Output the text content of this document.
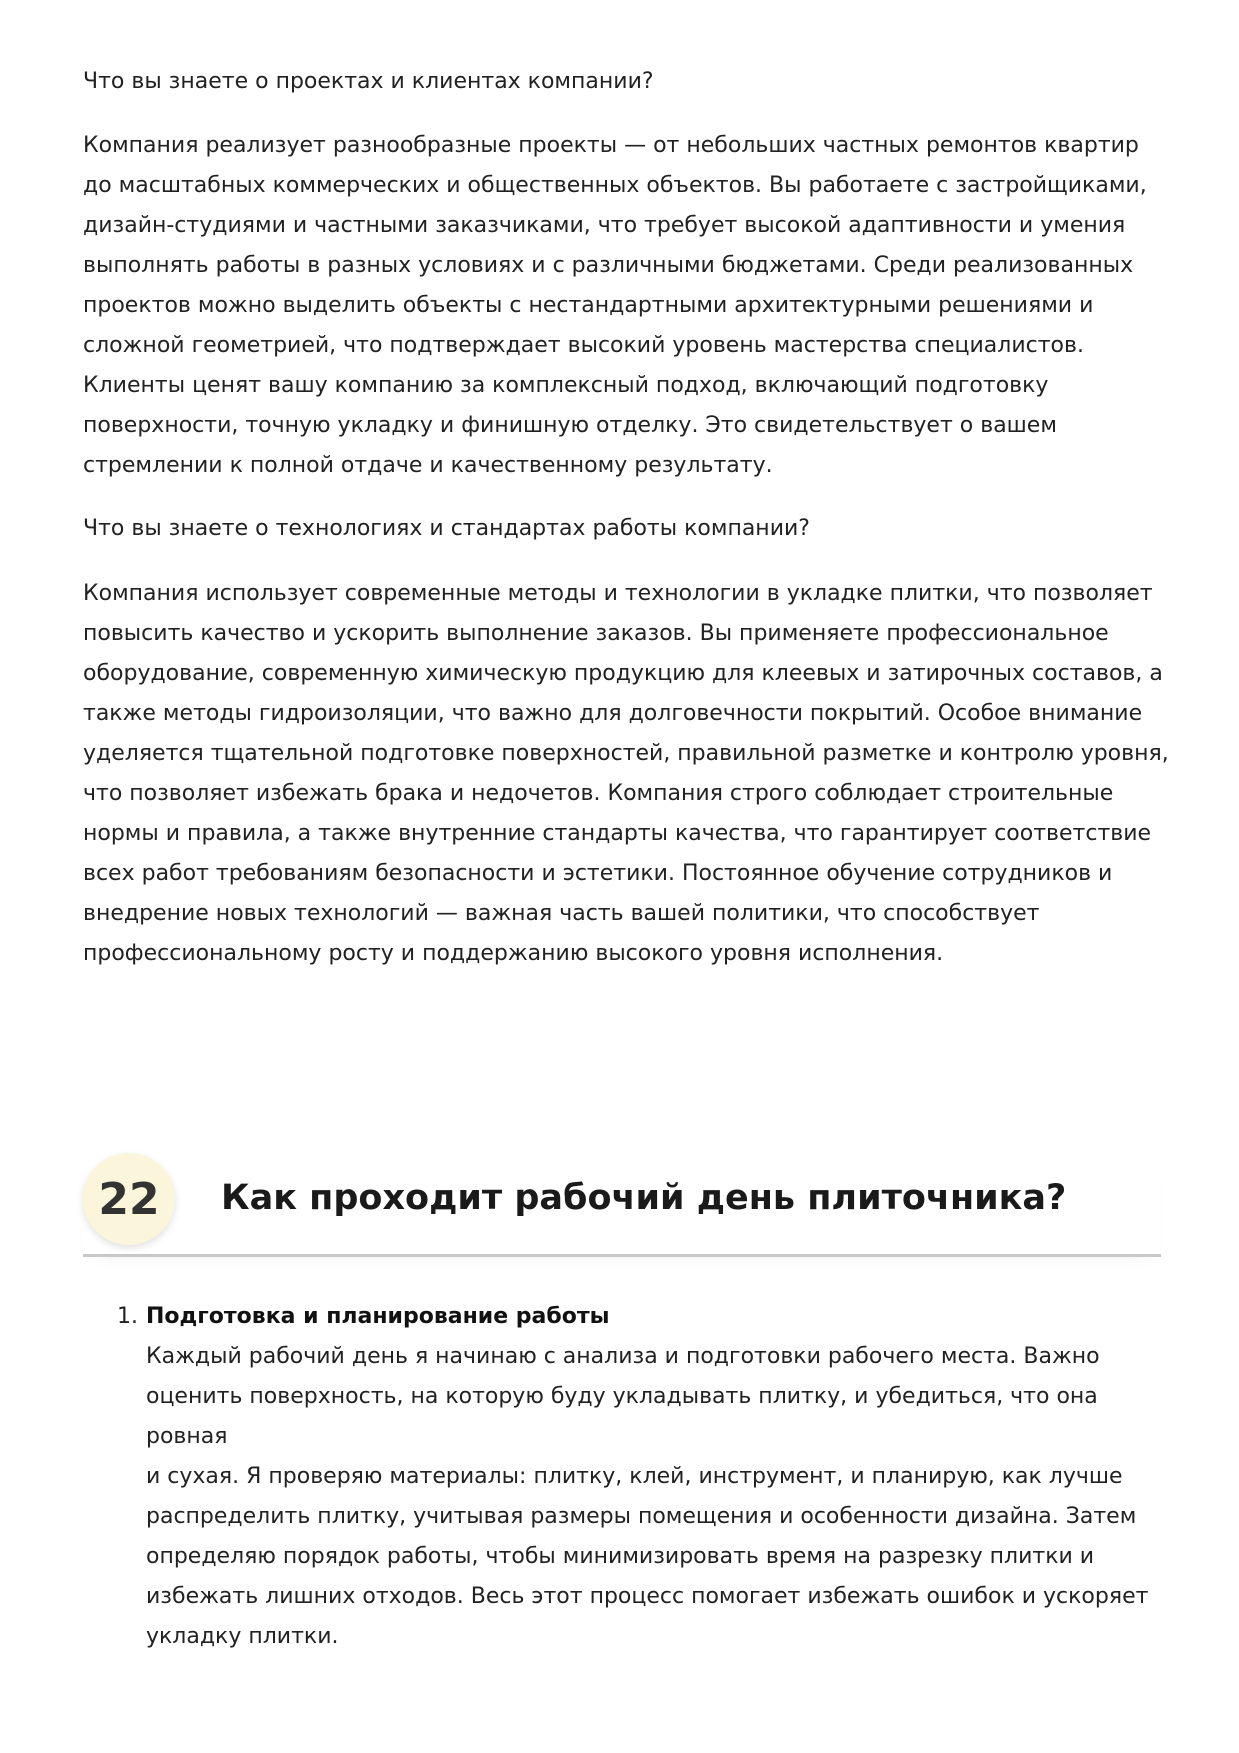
Что вы знаете о проектах и клиентах компании?

Компания реализует разнообразные проекты — от небольших частных ремонтов квартир
до масштабных коммерческих и общественных объектов. Вы работаете с застройщиками,
дизайн-студиями и частными заказчиками, что требует высокой адаптивности и умения
выполнять работы в разных условиях и с различными бюджетами. Среди реализованных
проектов можно выделить объекты с нестандартными архитектурными решениями и
сложной геометрией, что подтверждает высокий уровень мастерства специалистов.
Клиенты ценят вашу компанию за комплексный подход, включающий подготовку
поверхности, точную укладку и финишную отделку. Это свидетельствует о вашем
стремлении к полной отдаче и качественному результату.

Что вы знаете о технологиях и стандартах работы компании?

Компания использует современные методы и технологии в укладке плитки, что позволяет
повысить качество и ускорить выполнение заказов. Вы применяете профессиональное
оборудование, современную химическую продукцию для клеевых и затирочных составов, а
также методы гидроизоляции, что важно для долговечности покрытий. Особое внимание
уделяется тщательной подготовке поверхностей, правильной разметке и контролю уровня,
что позволяет избежать брака и недочетов. Компания строго соблюдает строительные
нормы и правила, а также внутренние стандарты качества, что гарантирует соответствие
всех работ требованиям безопасности и эстетики. Постоянное обучение сотрудников и
внедрение новых технологий — важная часть вашей политики, что способствует
профессиональному росту и поддержанию высокого уровня исполнения.

22	Как проходит рабочий день плиточника?
1. Подготовка и планирование работы
Каждый рабочий день я начинаю с анализа и подготовки рабочего места. Важно
оценить поверхность, на которую буду укладывать плитку, и убедиться, что она ровная
и сухая. Я проверяю материалы: плитку, клей, инструмент, и планирую, как лучше
распределить плитку, учитывая размеры помещения и особенности дизайна. Затем
определяю порядок работы, чтобы минимизировать время на разрезку плитки и
избежать лишних отходов. Весь этот процесс помогает избежать ошибок и ускоряет
укладку плитки.
